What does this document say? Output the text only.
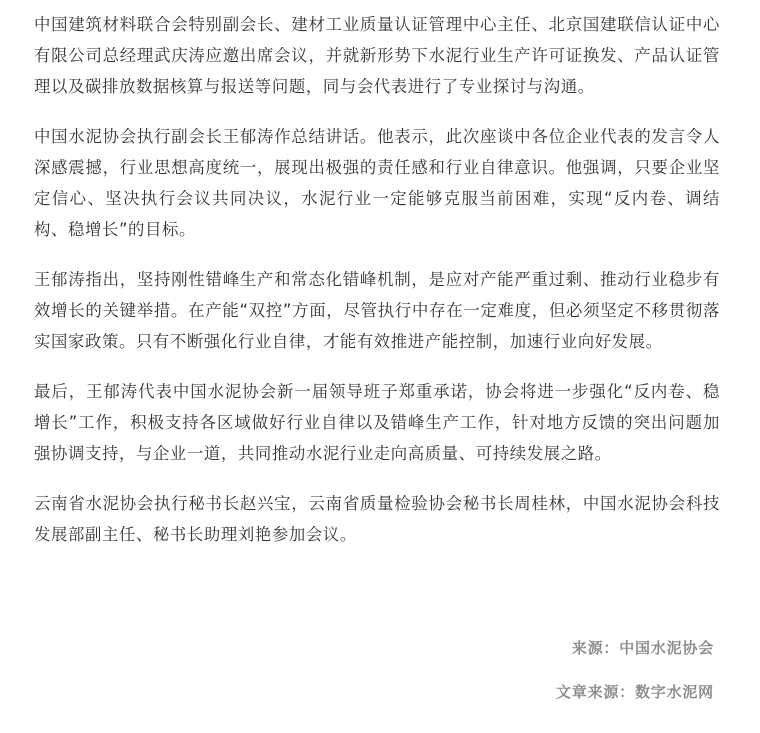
中国建筑材料联合会特别副会长、建材工业质量认证管理中心主任、北京国建联信认证中心有限公司总经理武庆涛应邀出席会议，并就新形势下水泥行业生产许可证换发、产品认证管理以及碳排放数据核算与报送等问题，同与会代表进行了专业探讨与沟通。

中国水泥协会执行副会长王郁涛作总结讲话。他表示，此次座谈中各位企业代表的发言令人深感震撼，行业思想高度统一，展现出极强的责任感和行业自律意识。他强调，只要企业坚定信心、坚决执行会议共同决议，水泥行业一定能够克服当前困难，实现“反内卷、调结构、稳增长”的目标。

王郁涛指出，坚持刚性错峰生产和常态化错峰机制，是应对产能严重过剩、推动行业稳步有效增长的关键举措。在产能“双控”方面，尽管执行中存在一定难度，但必须坚定不移贯彻落实国家政策。只有不断强化行业自律，才能有效推进产能控制，加速行业向好发展。

最后，王郁涛代表中国水泥协会新一届领导班子郑重承诺，协会将进一步强化“反内卷、稳增长”工作，积极支持各区域做好行业自律以及错峰生产工作，针对地方反馈的突出问题加强协调支持，与企业一道，共同推动水泥行业走向高质量、可持续发展之路。

云南省水泥协会执行秘书长赵兴宝，云南省质量检验协会秘书长周桂林，中国水泥协会科技发展部副主任、秘书长助理刘艳参加会议。

来源：中国水泥协会
文章来源：数字水泥网
